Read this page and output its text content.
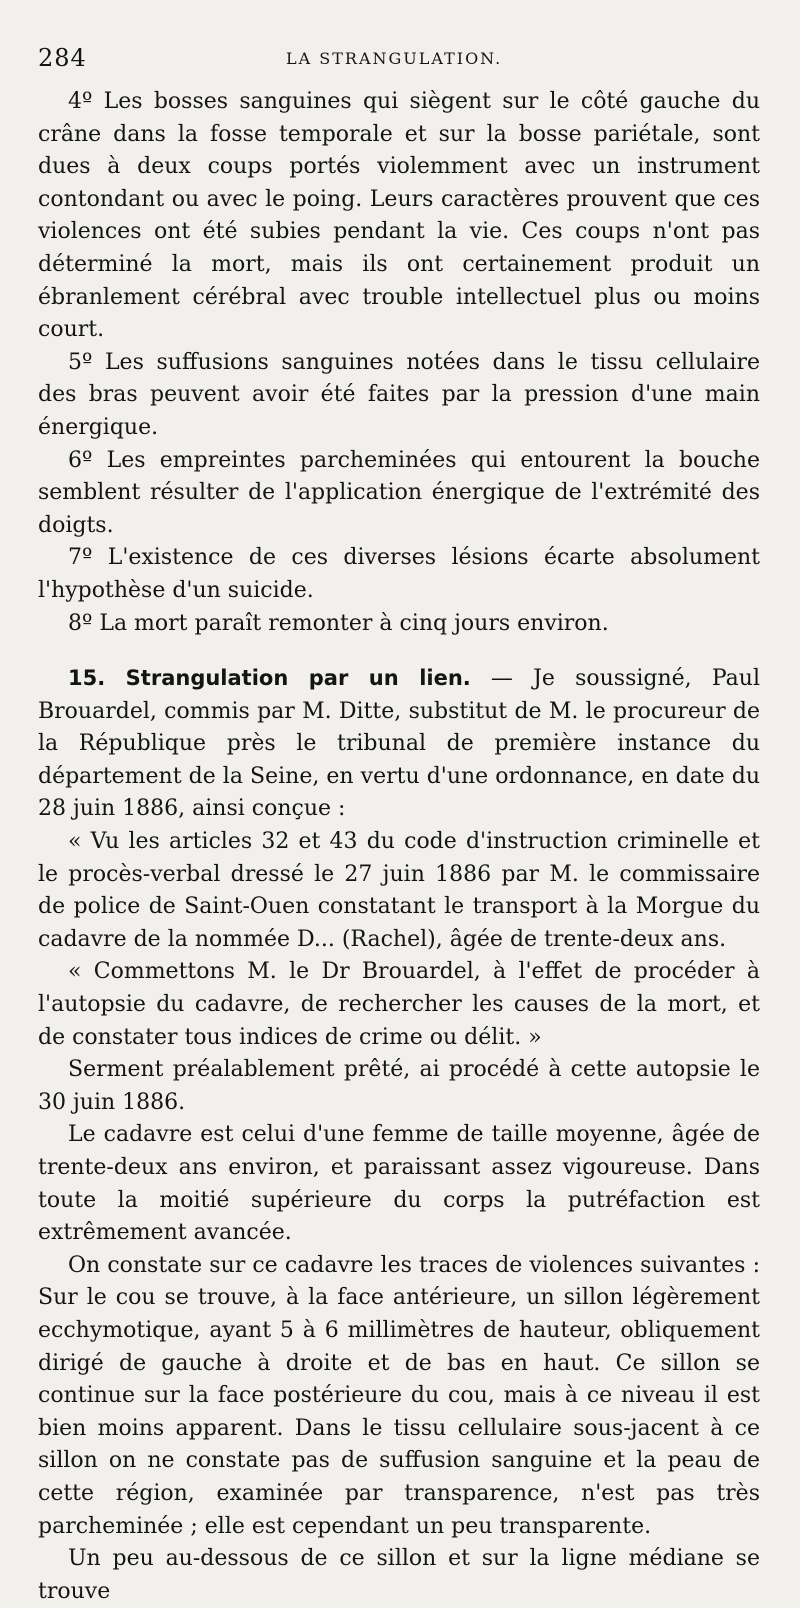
284	LA STRANGULATION.

4º Les bosses sanguines qui siègent sur le côté gauche du crâne dans la fosse temporale et sur la bosse pariétale, sont dues à deux coups portés violemment avec un instrument contondant ou avec le poing. Leurs caractères prouvent que ces violences ont été subies pendant la vie. Ces coups n'ont pas déterminé la mort, mais ils ont certainement produit un ébranlement cérébral avec trouble intellectuel plus ou moins court.

5º Les suffusions sanguines notées dans le tissu cellulaire des bras peuvent avoir été faites par la pression d'une main énergique.

6º Les empreintes parcheminées qui entourent la bouche semblent résulter de l'application énergique de l'extrémité des doigts.

7º L'existence de ces diverses lésions écarte absolument l'hypothèse d'un suicide.

8º La mort paraît remonter à cinq jours environ.

15. Strangulation par un lien. — Je soussigné, Paul Brouardel, commis par M. Ditte, substitut de M. le procureur de la République près le tribunal de première instance du département de la Seine, en vertu d'une ordonnance, en date du 28 juin 1886, ainsi conçue :

« Vu les articles 32 et 43 du code d'instruction criminelle et le procès-verbal dressé le 27 juin 1886 par M. le commissaire de police de Saint-Ouen constatant le transport à la Morgue du cadavre de la nommée D... (Rachel), âgée de trente-deux ans.

« Commettons M. le Dr Brouardel, à l'effet de procéder à l'autopsie du cadavre, de rechercher les causes de la mort, et de constater tous indices de crime ou délit. »

Serment préalablement prêté, ai procédé à cette autopsie le 30 juin 1886.

Le cadavre est celui d'une femme de taille moyenne, âgée de trente-deux ans environ, et paraissant assez vigoureuse. Dans toute la moitié supérieure du corps la putréfaction est extrêmement avancée.

On constate sur ce cadavre les traces de violences suivantes : Sur le cou se trouve, à la face antérieure, un sillon légèrement ecchymotique, ayant 5 à 6 millimètres de hauteur, obliquement dirigé de gauche à droite et de bas en haut. Ce sillon se continue sur la face postérieure du cou, mais à ce niveau il est bien moins apparent. Dans le tissu cellulaire sous-jacent à ce sillon on ne constate pas de suffusion sanguine et la peau de cette région, examinée par transparence, n'est pas très parcheminée ; elle est cependant un peu transparente.

Un peu au-dessous de ce sillon et sur la ligne médiane se trouve
